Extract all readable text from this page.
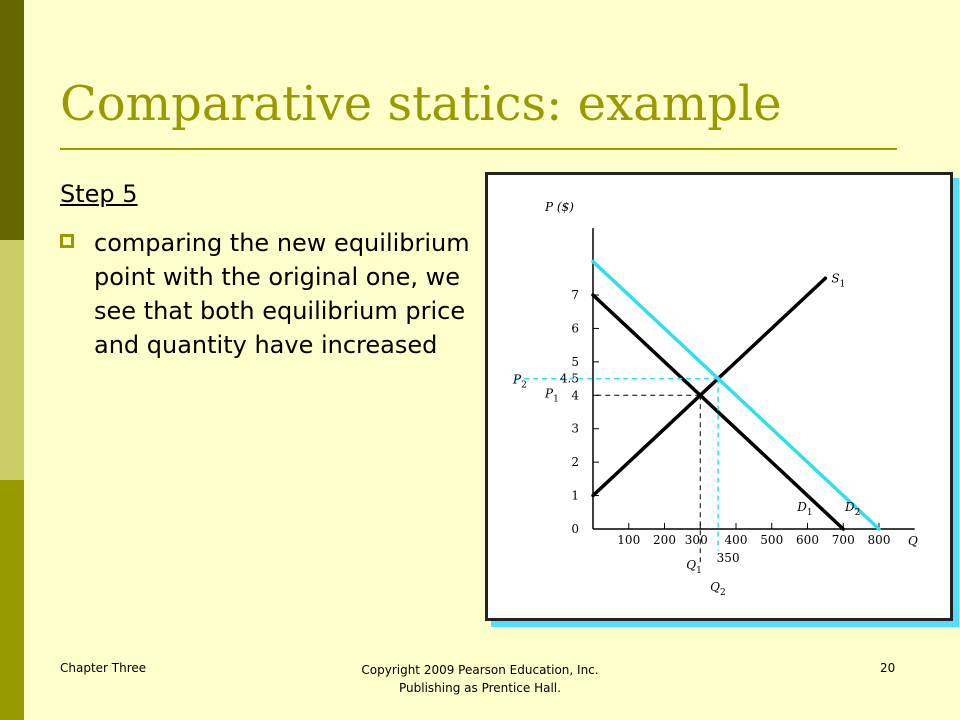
Comparative statics: example
Step 5
comparing the new equilibrium point with the original one, we see that both equilibrium price and quantity have increased
0
1
2
3
4
5
6
7
100 200 300 400 500 600 700 800
P ($)
Q
$S_1$
$D_1$	$D_2$
4.5
$P_2$
$P_1$
350
$Q_1$
$Q_2$
Chapter Three	Copyright 2009 Pearson Education, Inc.
Publishing as Prentice Hall.
20
